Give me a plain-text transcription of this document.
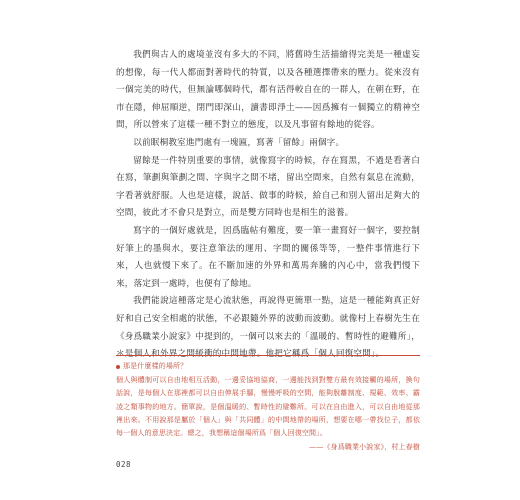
我們與古人的處境並沒有多大的不同，將舊時生活描繪得完美是一種虛妄的想像，每一代人都面對著時代的特質，以及各種選擇帶來的壓力。從來沒有一個完美的時代，但無論哪個時代，都有活得較自在的一群人，在朝在野，在市在隱，伸屈順逆，閉門即深山，讀書即淨土——因爲擁有一個獨立的精神空間，所以營來了這樣一種不對立的態度，以及凡事留有餘地的從容。

以前眠桐教室進門處有一塊匾，寫著「留餘」兩個字。

留餘是一件特別重要的事情，就像寫字的時候，存在寫黑，不過是看著白在寫，筆劃與筆劃之間、字與字之間不堵，留出空間來，自然有氣息在流動，字看著就舒服。人也是這樣，說話、做事的時候，給自己和別人留出足夠大的空間，彼此才不會只是對立，而是雙方同時也是相生的滋養。

寫字的一個好處就是，因爲臨帖有難度，要一筆一畫寫好一個字，要控制好筆上的墨與水，要注意筆法的運用、字間的關係等等，一整件事情進行下來，人也就慢下來了。在不斷加速的外界和萬馬奔騰的內心中，當我們慢下來，落定到一處時，也便有了餘地。

我們能說這種落定是心流狀態，再說得更簡單一點，這是一種能夠真正好好和自己安全相處的狀態，不必跟隨外界的波動而波動。就像村上春樹先生在《身爲職業小說家》中提到的，一個可以來去的「溫暖的、暫時性的避難所」，＊是個人和外界之間緩衝的中間地帶。他把它稱爲「個人回復空間」。

那是什麼樣的場所？
個人與體制可以自由地相互活動，一邊妥協地協商，一邊能找到對雙方最有效接觸的場所，換句話說，是每個人在那裡都可以自由伸展手腳，慢慢呼吸的空間，能夠脫離制度、規範、效率、霸凌之類事物的地方。簡單說，是個溫暖的、暫時性的避難所。可以在自由進入，可以自由地從那裡出來。不用說那是屬於「個人」與「共同體」的中間地帶的場所，想要在哪一帶找位子，都依每一個人的意思決定。總之，我想稱這個場所爲「個人回復空間」。
——《身爲職業小說家》，村上春樹
028
